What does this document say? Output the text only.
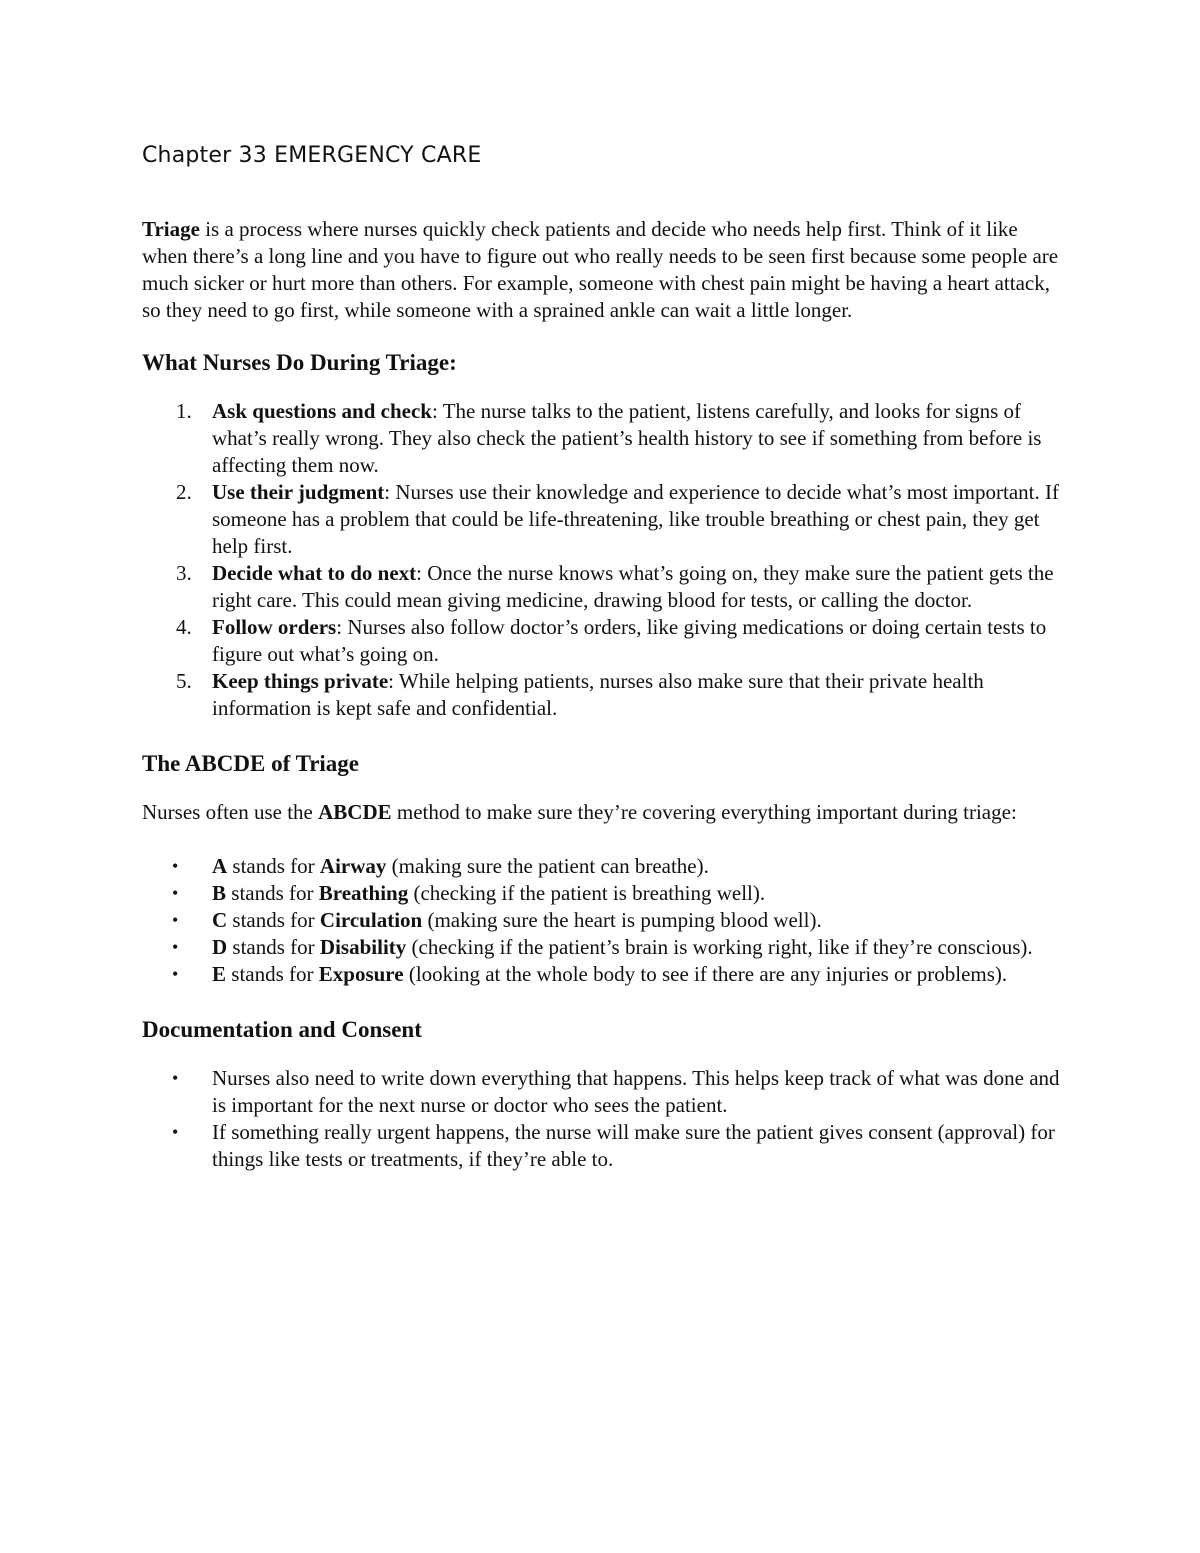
Chapter 33 EMERGENCY CARE

Triage is a process where nurses quickly check patients and decide who needs help first. Think of it like when there’s a long line and you have to figure out who really needs to be seen first because some people are much sicker or hurt more than others. For example, someone with chest pain might be having a heart attack, so they need to go first, while someone with a sprained ankle can wait a little longer.

What Nurses Do During Triage:
1. Ask questions and check: The nurse talks to the patient, listens carefully, and looks for signs of what’s really wrong. They also check the patient’s health history to see if something from before is affecting them now.
2. Use their judgment: Nurses use their knowledge and experience to decide what’s most important. If someone has a problem that could be life-threatening, like trouble breathing or chest pain, they get help first.
3. Decide what to do next: Once the nurse knows what’s going on, they make sure the patient gets the right care. This could mean giving medicine, drawing blood for tests, or calling the doctor.
4. Follow orders: Nurses also follow doctor’s orders, like giving medications or doing certain tests to figure out what’s going on.
5. Keep things private: While helping patients, nurses also make sure that their private health information is kept safe and confidential.
The ABCDE of Triage

Nurses often use the ABCDE method to make sure they’re covering everything important during triage:

• A stands for Airway (making sure the patient can breathe).
• B stands for Breathing (checking if the patient is breathing well).
• C stands for Circulation (making sure the heart is pumping blood well).
• D stands for Disability (checking if the patient’s brain is working right, like if they’re conscious).
• E stands for Exposure (looking at the whole body to see if there are any injuries or problems).
Documentation and Consent
• Nurses also need to write down everything that happens. This helps keep track of what was done and is important for the next nurse or doctor who sees the patient.
• If something really urgent happens, the nurse will make sure the patient gives consent (approval) for things like tests or treatments, if they’re able to.
